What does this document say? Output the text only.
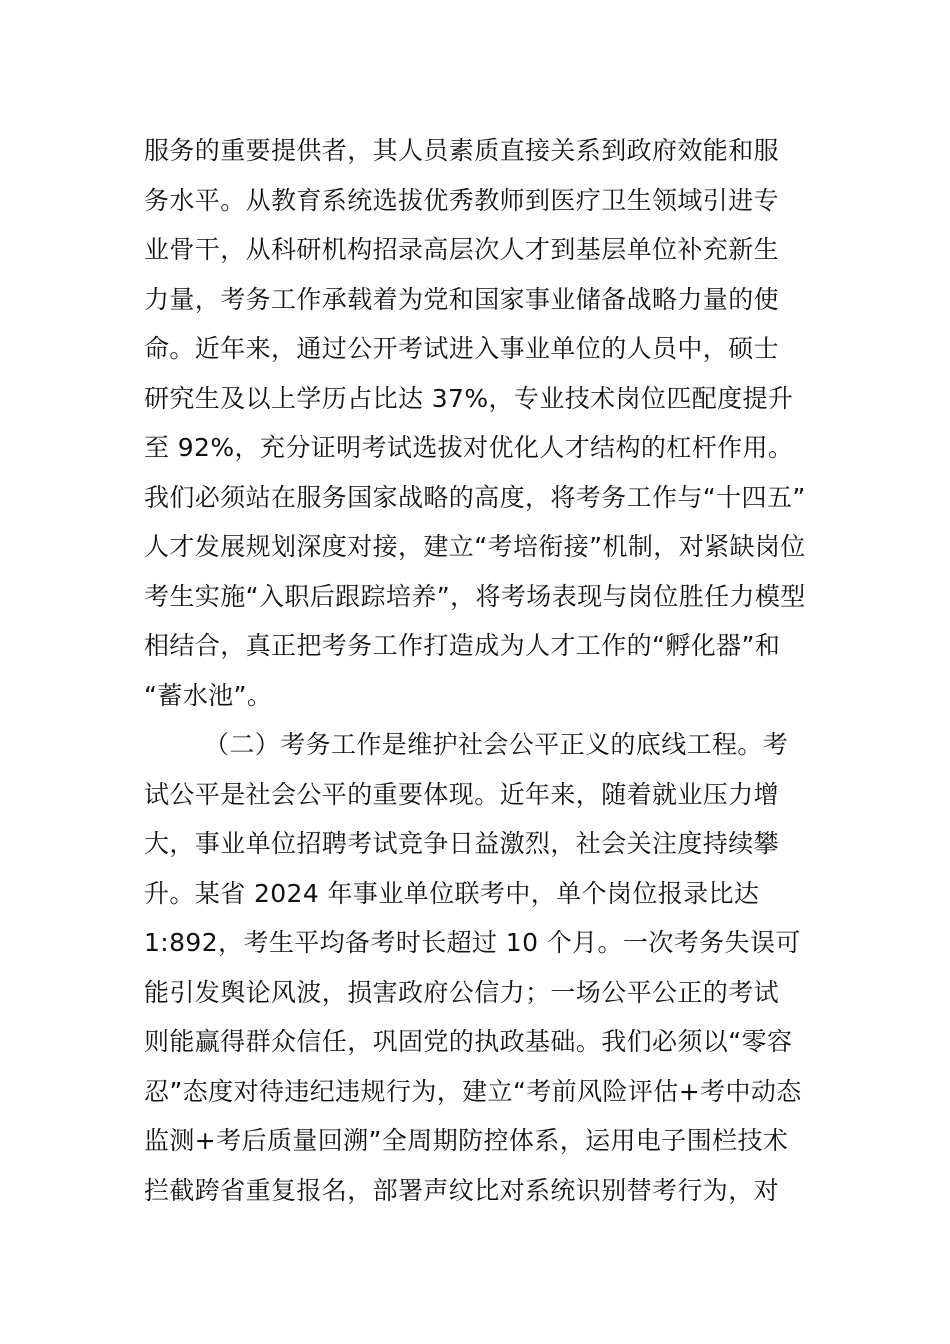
服务的重要提供者，其人员素质直接关系到政府效能和服
务水平。从教育系统选拔优秀教师到医疗卫生领域引进专
业骨干，从科研机构招录高层次人才到基层单位补充新生
力量，考务工作承载着为党和国家事业储备战略力量的使
命。近年来，通过公开考试进入事业单位的人员中，硕士
研究生及以上学历占比达 37%，专业技术岗位匹配度提升
至 92%，充分证明考试选拔对优化人才结构的杠杆作用。
我们必须站在服务国家战略的高度，将考务工作与“十四五”
人才发展规划深度对接，建立“考培衔接”机制，对紧缺岗位
考生实施“入职后跟踪培养”，将考场表现与岗位胜任力模型
相结合，真正把考务工作打造成为人才工作的“孵化器”和
“蓄水池”。
（二）考务工作是维护社会公平正义的底线工程。考
试公平是社会公平的重要体现。近年来，随着就业压力增
大，事业单位招聘考试竞争日益激烈，社会关注度持续攀
升。某省 2024 年事业单位联考中，单个岗位报录比达
1:892，考生平均备考时长超过 10 个月。一次考务失误可
能引发舆论风波，损害政府公信力；一场公平公正的考试
则能赢得群众信任，巩固党的执政基础。我们必须以“零容
忍”态度对待违纪违规行为，建立“考前风险评估+考中动态
监测+考后质量回溯”全周期防控体系，运用电子围栏技术
拦截跨省重复报名，部署声纹比对系统识别替考行为，对
